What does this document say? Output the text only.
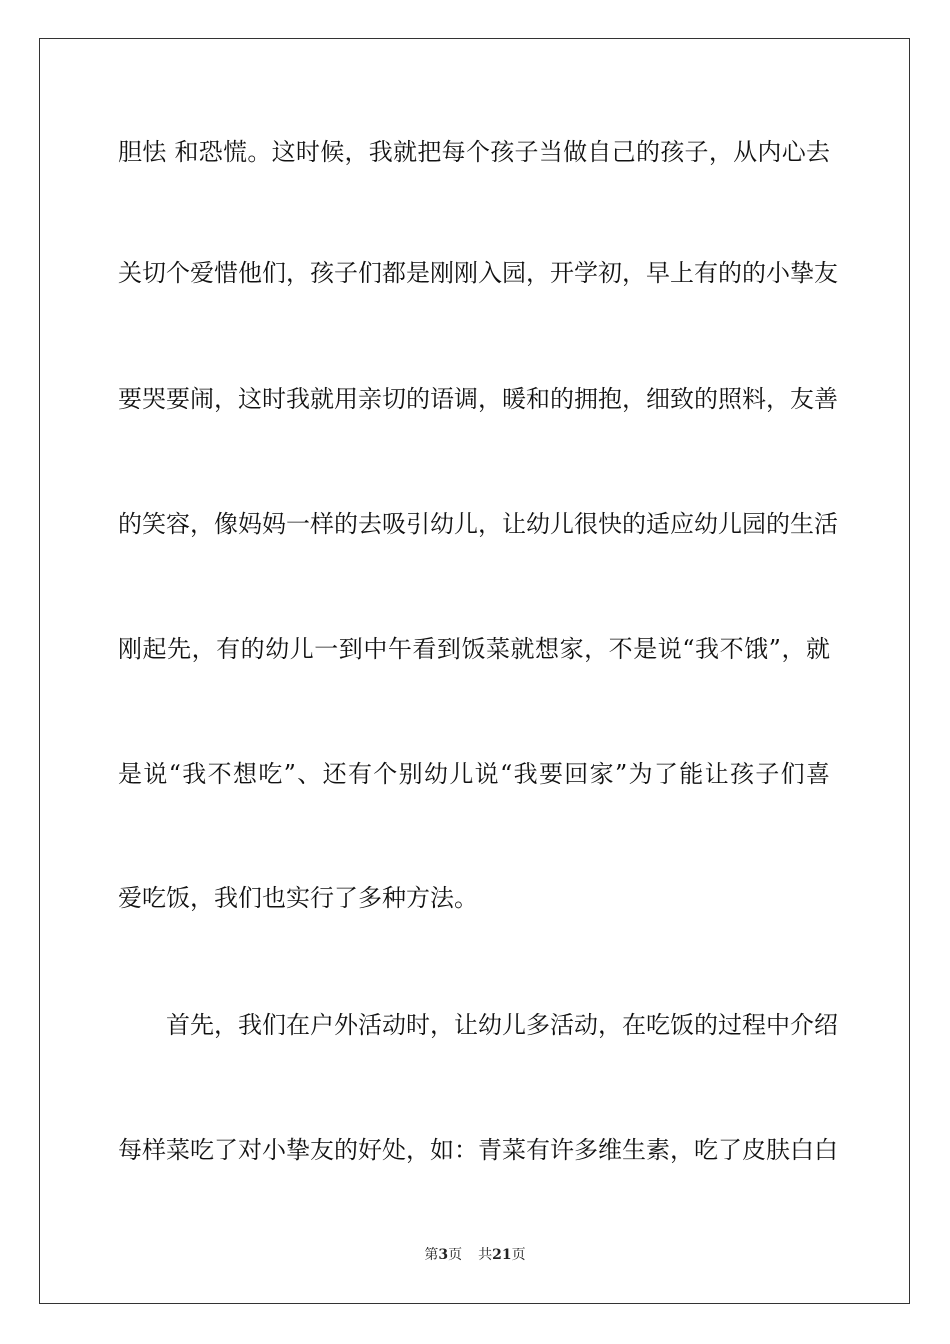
胆怯 和恐慌。这时候，我就把每个孩子当做自己的孩子，从内心去
关切个爱惜他们，孩子们都是刚刚入园，开学初，早上有的的小挚友
要哭要闹，这时我就用亲切的语调，暖和的拥抱，细致的照料，友善
的笑容，像妈妈一样的去吸引幼儿，让幼儿很快的适应幼儿园的生活
刚起先，有的幼儿一到中午看到饭菜就想家，不是说“我不饿”，就
是说“我不想吃”、还有个别幼儿说“我要回家”为了能让孩子们喜
爱吃饭，我们也实行了多种方法。
首先，我们在户外活动时，让幼儿多活动，在吃饭的过程中介绍
每样菜吃了对小挚友的好处，如：青菜有许多维生素，吃了皮肤白白
第3页 共21页
